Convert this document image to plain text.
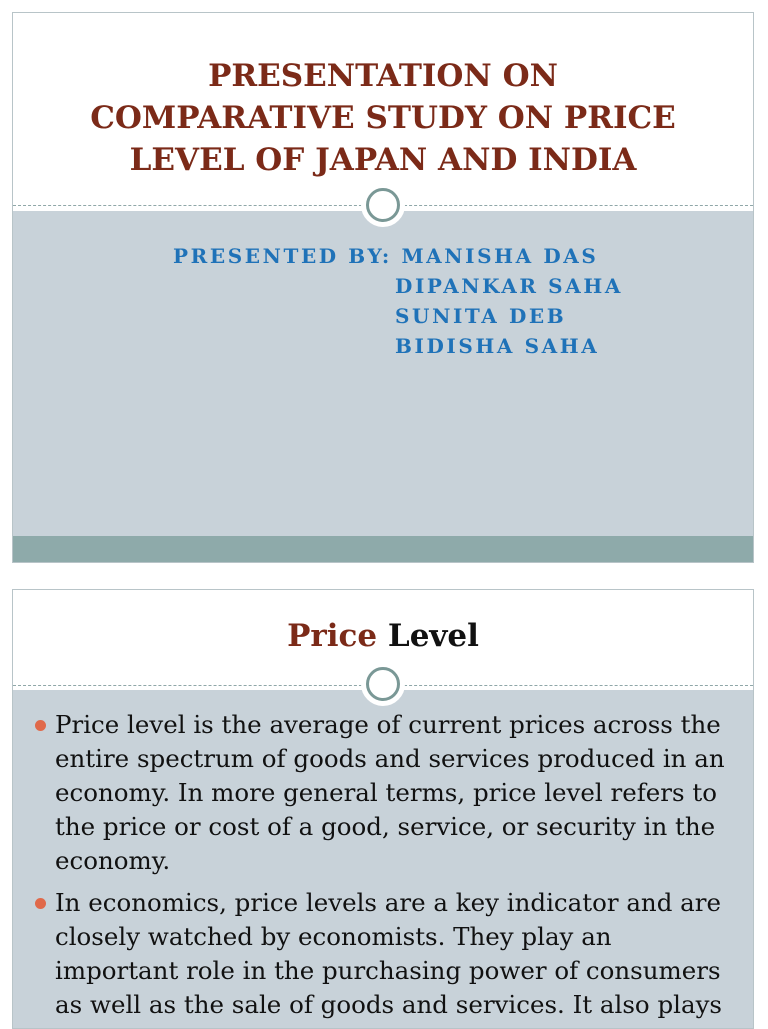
PRESENTATION ON
COMPARATIVE STUDY ON PRICE
LEVEL OF JAPAN AND INDIA
PRESENTED BY: MANISHA DAS
DIPANKAR SAHA
SUNITA DEB
BIDISHA SAHA
Price Level
Price level is the average of current prices across the entire spectrum of goods and services produced in an economy. In more general terms, price level refers to the price or cost of a good, service, or security in the economy.
In economics, price levels are a key indicator and are closely watched by economists. They play an important role in the purchasing power of consumers as well as the sale of goods and services. It also plays
